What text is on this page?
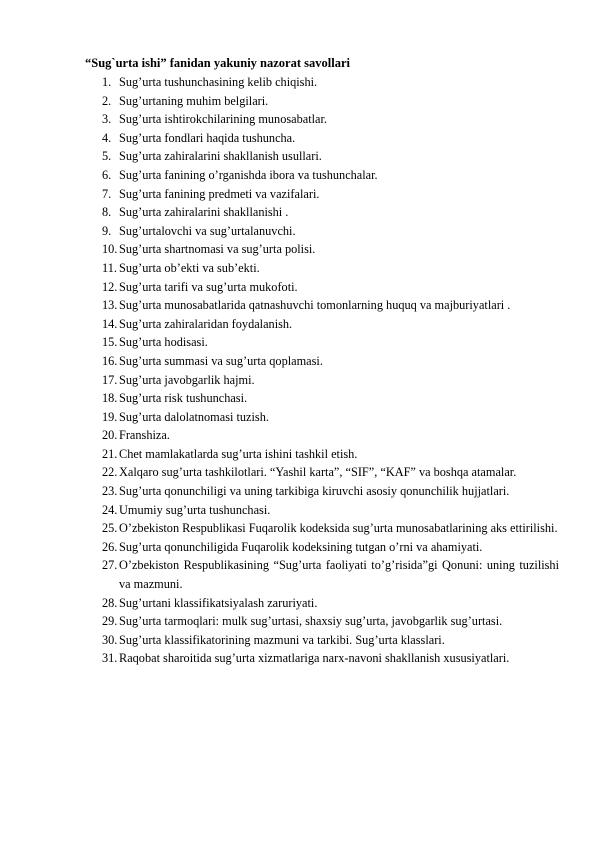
“Sug`urta ishi” fanidan yakuniy nazorat savollari
1. Sug’urta tushunchasining kelib chiqishi.
2. Sug’urtaning muhim belgilari.
3. Sug’urta ishtirokchilarining munosabatlar.
4. Sug’urta fondlari haqida tushuncha.
5. Sug’urta zahiralarini shakllanish usullari.
6. Sug’urta fanining o’rganishda ibora va tushunchalar.
7. Sug’urta fanining predmeti va vazifalari.
8. Sug’urta zahiralarini shakllanishi .
9. Sug’urtalovchi va sug’urtalanuvchi.
10. Sug’urta shartnomasi va sug’urta polisi.
11. Sug’urta ob’ekti va sub’ekti.
12. Sug’urta tarifi va sug’urta mukofoti.
13. Sug’urta munosabatlarida qatnashuvchi tomonlarning huquq va majburiyatlari .
14. Sug’urta zahiralaridan foydalanish.
15. Sug’urta hodisasi.
16. Sug’urta summasi va sug’urta qoplamasi.
17. Sug’urta javobgarlik hajmi.
18. Sug’urta risk tushunchasi.
19. Sug’urta dalolatnomasi tuzish.
20. Franshiza.
21. Chet mamlakatlarda sug’urta ishini tashkil etish.
22. Xalqaro sug’urta tashkilotlari. “Yashil karta”, “SIF”, “KAF” va boshqa atamalar.
23. Sug’urta qonunchiligi va uning tarkibiga kiruvchi asosiy qonunchilik hujjatlari.
24. Umumiy sug’urta tushunchasi.
25. O’zbekiston Respublikasi Fuqarolik kodeksida sug’urta munosabatlarining aks ettirilishi.
26. Sug’urta qonunchiligida Fuqarolik kodeksining tutgan o’rni va ahamiyati.
27. O’zbekiston Respublikasining “Sug’urta faoliyati to’g’risida”gi Qonuni: uning tuzilishi va mazmuni.
28. Sug’urtani klassifikatsiyalash zaruriyati.
29. Sug’urta tarmoqlari: mulk sug’urtasi, shaxsiy sug’urta, javobgarlik sug’urtasi.
30. Sug’urta klassifikatorining mazmuni va tarkibi. Sug’urta klasslari.
31. Raqobat sharoitida sug’urta xizmatlariga narx-navoni shakllanish xususiyatlari.
